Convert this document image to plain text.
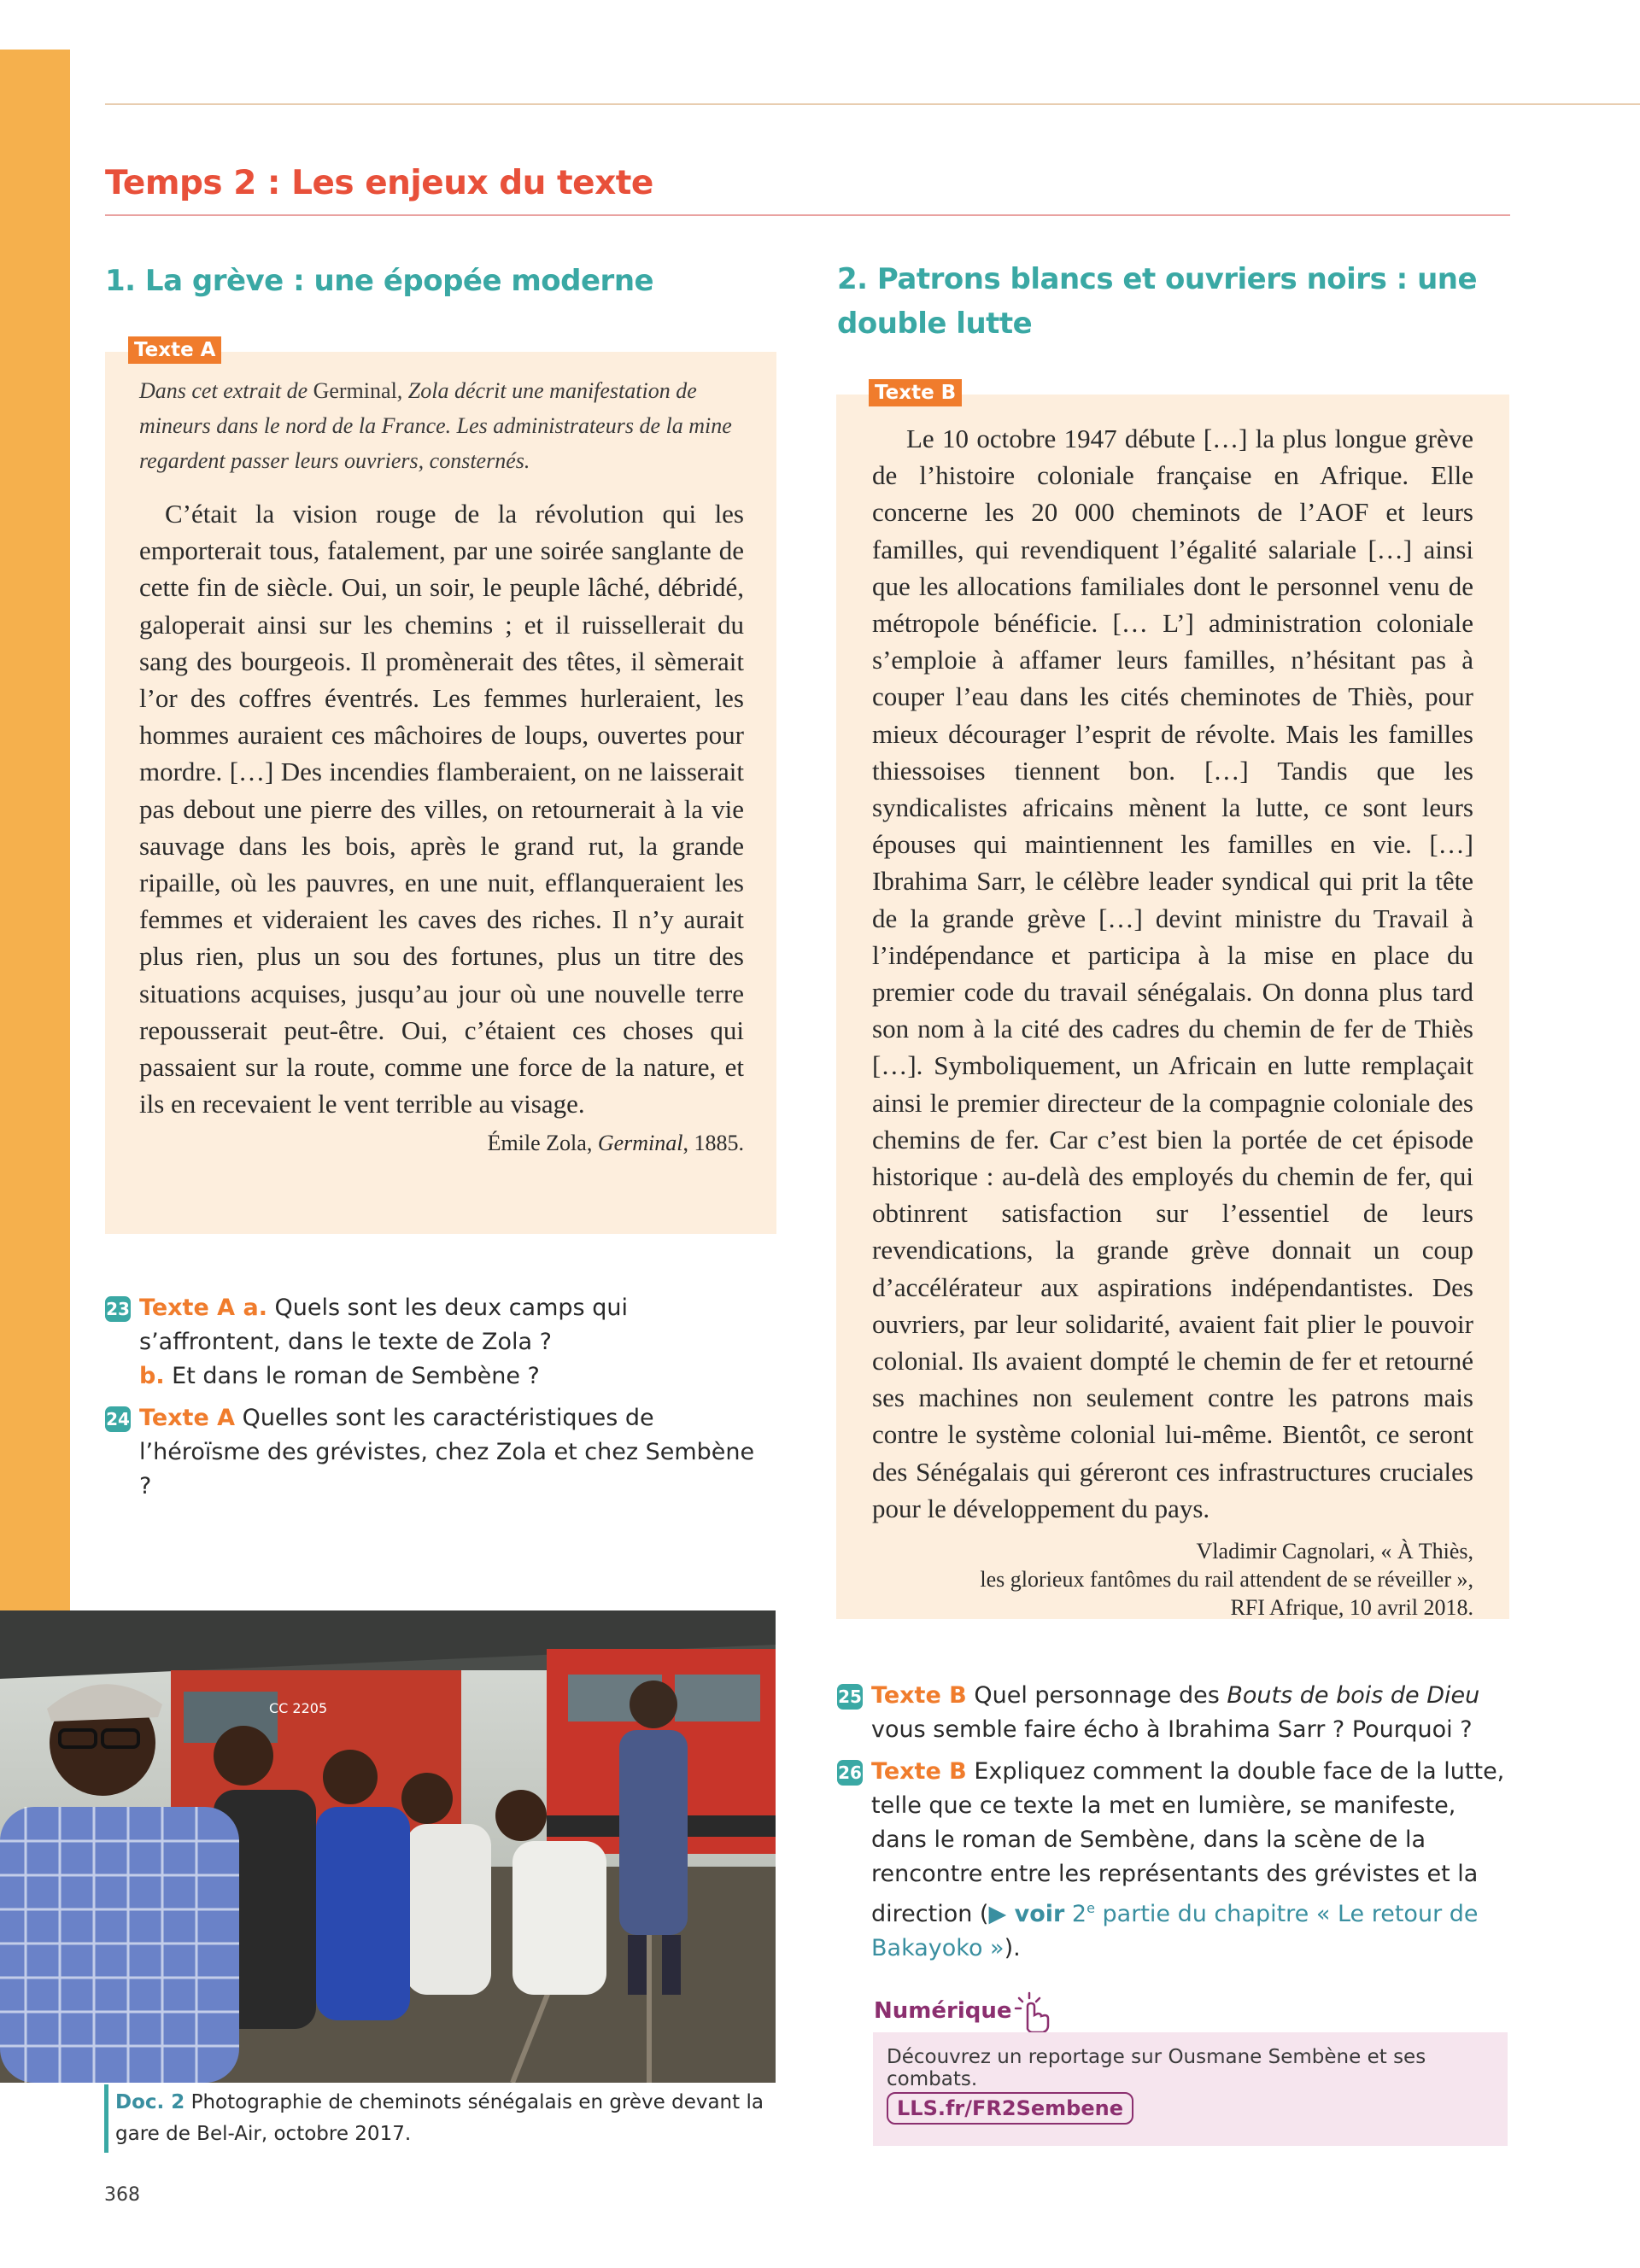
Temps 2 : Les enjeux du texte
1. La grève : une épopée moderne

Dans cet extrait de Germinal, Zola décrit une manifestation de mineurs dans le nord de la France. Les administrateurs de la mine regardent passer leurs ouvriers, consternés.

C’était la vision rouge de la révolution qui les emporterait tous, fatalement, par une soirée sanglante de cette fin de siècle. Oui, un soir, le peuple lâché, débridé, galoperait ainsi sur les chemins ; et il ruissellerait du sang des bourgeois. Il promènerait des têtes, il sèmerait l’or des coffres éventrés. Les femmes hurleraient, les hommes auraient ces mâchoires de loups, ouvertes pour mordre. […] Des incendies flamberaient, on ne laisserait pas debout une pierre des villes, on retournerait à la vie sauvage dans les bois, après le grand rut, la grande ripaille, où les pauvres, en une nuit, efflanqueraient les femmes et videraient les caves des riches. Il n’y aurait plus rien, plus un sou des fortunes, plus un titre des situations acquises, jusqu’au jour où une nouvelle terre repousserait peut-être. Oui, c’étaient ces choses qui passaient sur la route, comme une force de la nature, et ils en recevaient le vent terrible au visage.

Émile Zola, Germinal, 1885.

Texte A
23 Texte A a. Quels sont les deux camps qui s’affrontent, dans le texte de Zola ?
b. Et dans le roman de Sembène ?
24 Texte A Quelles sont les caractéristiques de l’héroïsme des grévistes, chez Zola et chez Sembène ?
CC 2205

Doc. 2 Photographie de cheminots sénégalais en grève devant la gare de Bel-Air, octobre 2017.

368
2. Patrons blancs et ouvriers noirs : une double lutte

Le 10 octobre 1947 débute […] la plus longue grève de l’histoire coloniale française en Afrique. Elle concerne les 20 000 cheminots de l’AOF et leurs familles, qui revendiquent l’égalité salariale […] ainsi que les allocations familiales dont le personnel venu de métropole bénéficie. [… L’] administration coloniale s’emploie à affamer leurs familles, n’hésitant pas à couper l’eau dans les cités cheminotes de Thiès, pour mieux décourager l’esprit de révolte. Mais les familles thiessoises tiennent bon. […] Tandis que les syndicalistes africains mènent la lutte, ce sont leurs épouses qui maintiennent les familles en vie. […] Ibrahima Sarr, le célèbre leader syndical qui prit la tête de la grande grève […] devint ministre du Travail à l’indépendance et participa à la mise en place du premier code du travail sénégalais. On donna plus tard son nom à la cité des cadres du chemin de fer de Thiès […]. Symboliquement, un Africain en lutte remplaçait ainsi le premier directeur de la compagnie coloniale des chemins de fer. Car c’est bien la portée de cet épisode historique : au-delà des employés du chemin de fer, qui obtinrent satisfaction sur l’essentiel de leurs revendications, la grande grève donnait un coup d’accélérateur aux aspirations indépendantistes. Des ouvriers, par leur solidarité, avaient fait plier le pouvoir colonial. Ils avaient dompté le chemin de fer et retourné ses machines non seulement contre les patrons mais contre le système colonial lui-même. Bientôt, ce seront des Sénégalais qui géreront ces infrastructures cruciales pour le développement du pays.

Vladimir Cagnolari, « À Thiès,
les glorieux fantômes du rail attendent de se réveiller »,
RFI Afrique, 10 avril 2018.

Texte B
25 Texte B Quel personnage des Bouts de bois de Dieu vous semble faire écho à Ibrahima Sarr ? Pourquoi ?
26 Texte B Expliquez comment la double face de la lutte, telle que ce texte la met en lumière, se manifeste, dans le roman de Sembène, dans la scène de la rencontre entre les représentants des grévistes et la direction (▶ voir 2e partie du chapitre « Le retour de Bakayoko »).
Numérique
Découvrez un reportage sur Ousmane Sembène et ses combats.
LLS.fr/FR2Sembene
